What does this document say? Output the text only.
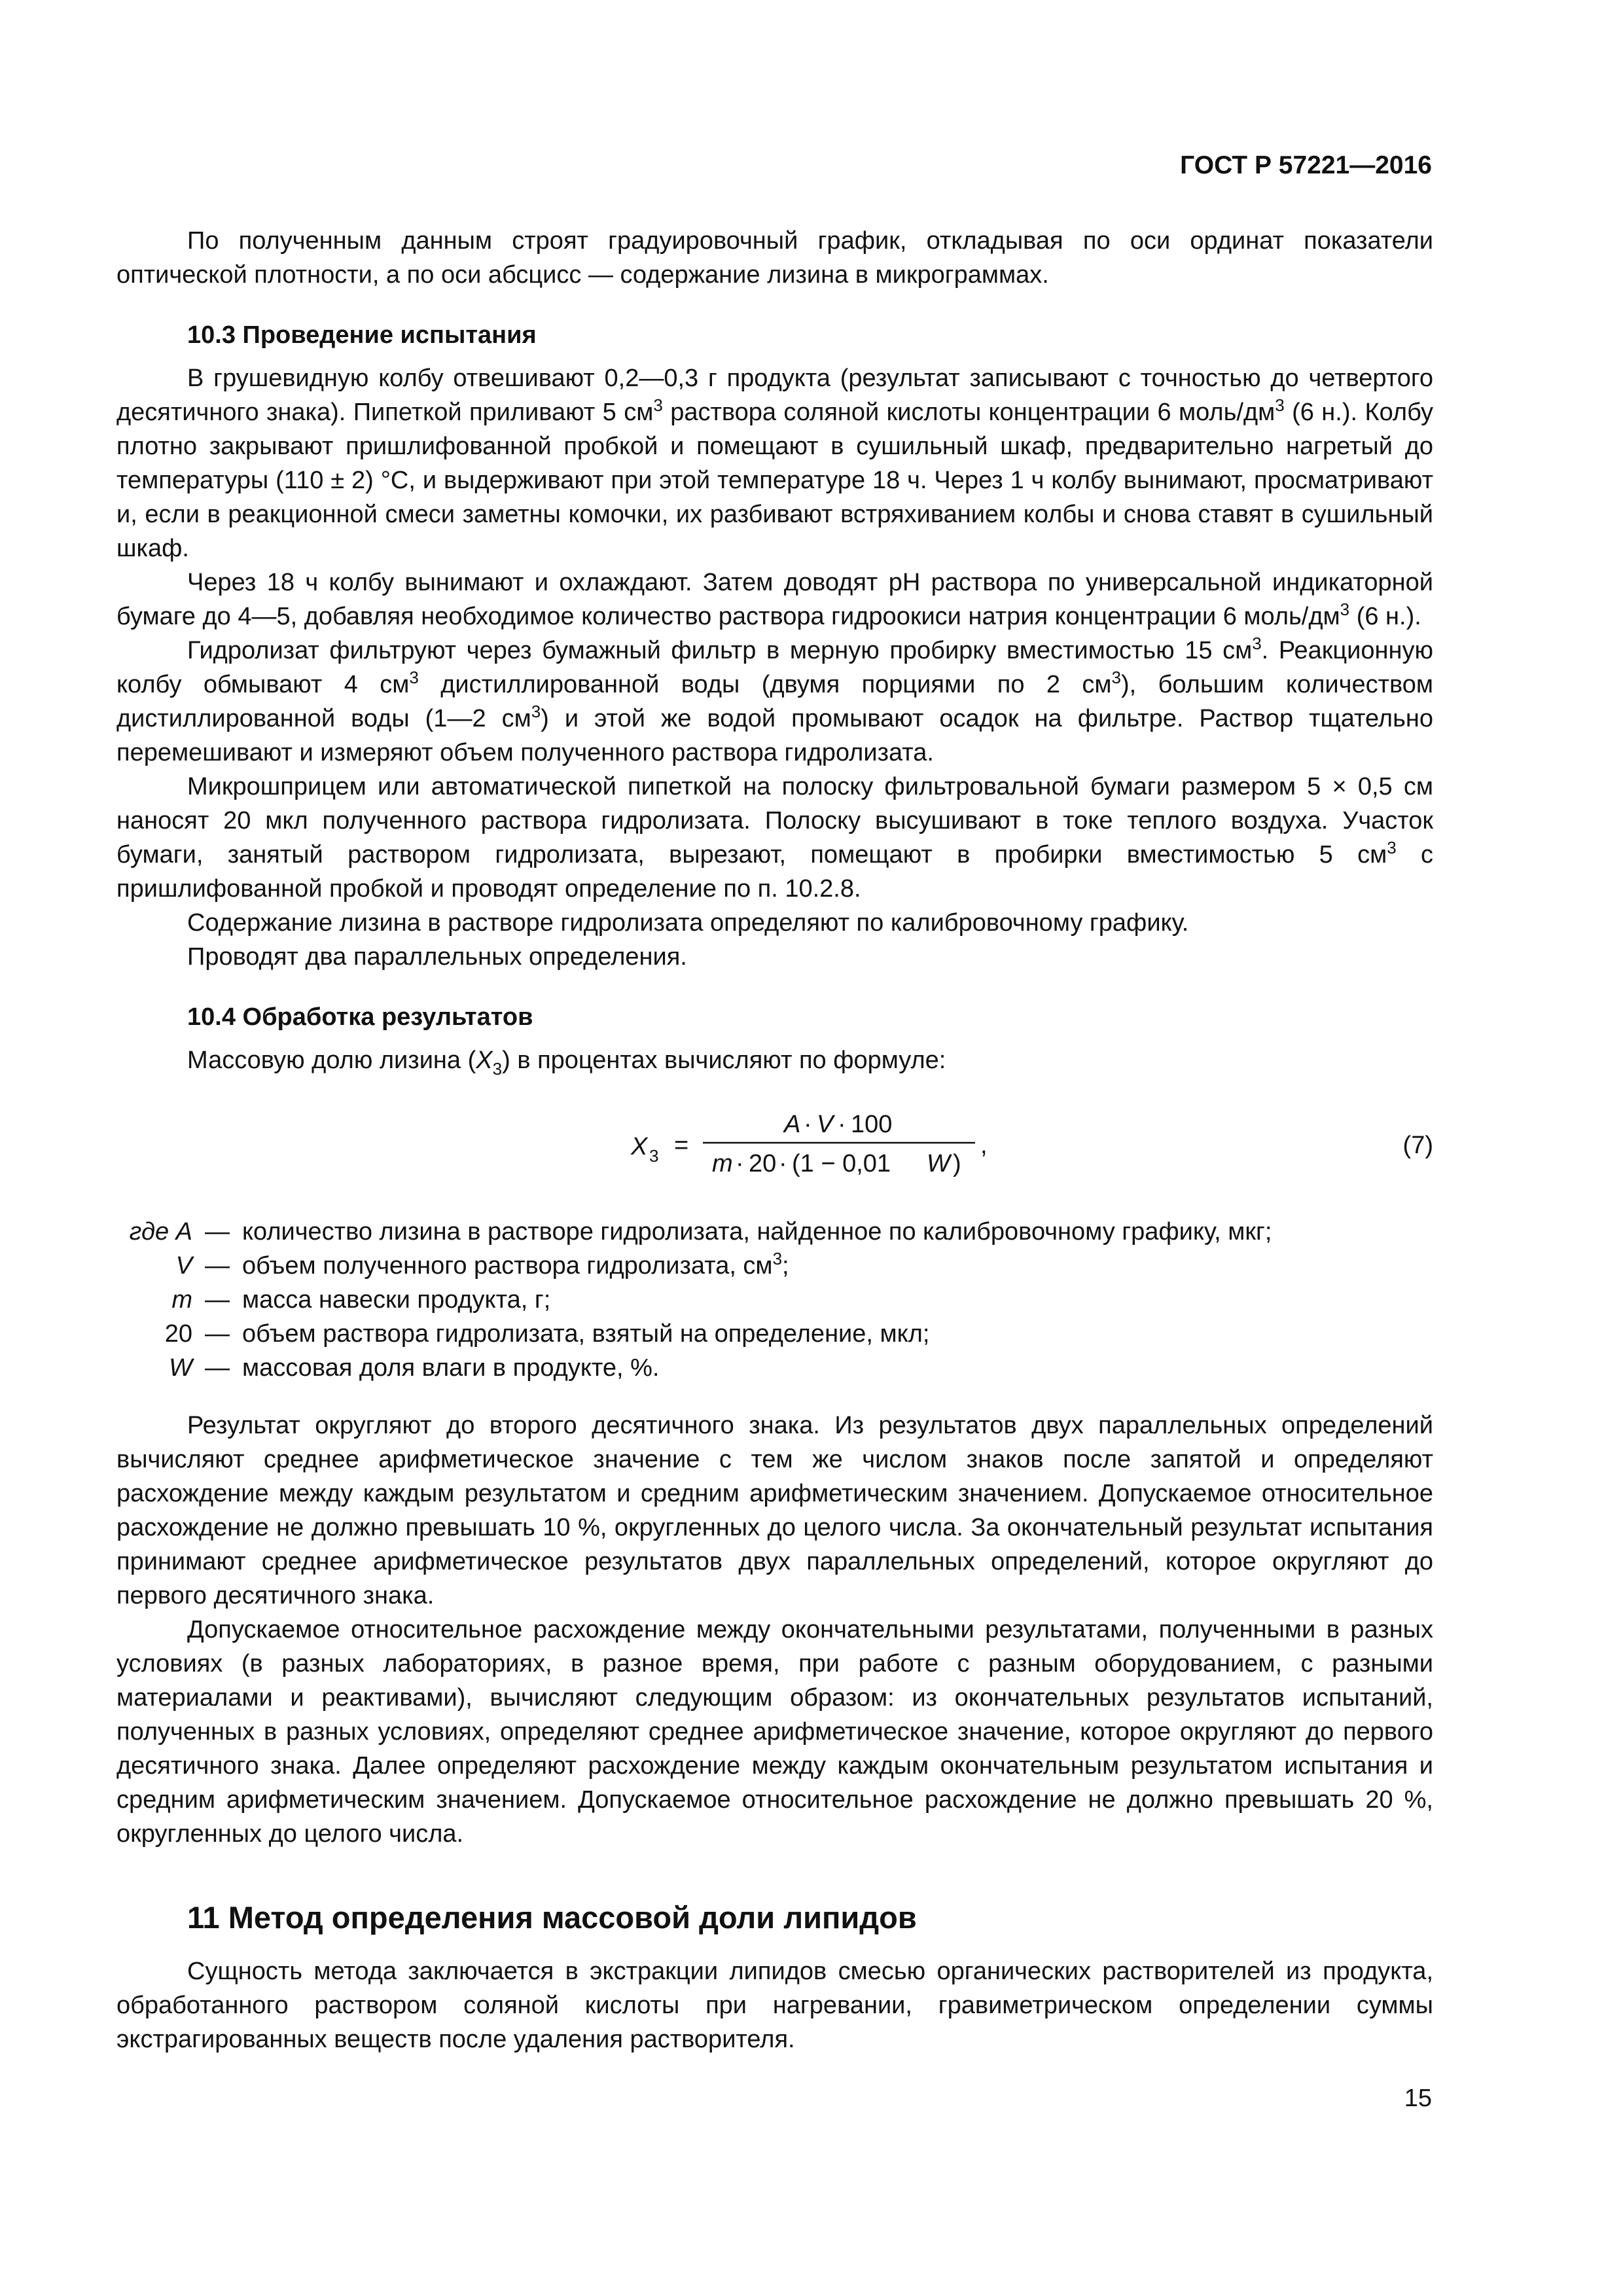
ГОСТ Р 57221—2016

По полученным данным строят градуировочный график, откладывая по оси ординат показатели оптической плотности, а по оси абсцисс — содержание лизина в микрограммах.

10.3 Проведение испытания

В грушевидную колбу отвешивают 0,2—0,3 г продукта (результат записывают с точностью до четвертого десятичного знака). Пипеткой приливают 5 $см^3$ раствора соляной кислоты концентрации 6 моль/$дм^3$ (6 н.). Колбу плотно закрывают пришлифованной пробкой и помещают в сушильный шкаф, предварительно нагретый до температуры (110 ± 2) °С, и выдерживают при этой температуре 18 ч. Через 1 ч колбу вынимают, просматривают и, если в реакционной смеси заметны комочки, их разбивают встряхиванием колбы и снова ставят в сушильный шкаф.

Через 18 ч колбу вынимают и охлаждают. Затем доводят pH раствора по универсальной индикаторной бумаге до 4—5, добавляя необходимое количество раствора гидроокиси натрия концентрации 6 моль/$дм^3$ (6 н.).

Гидролизат фильтруют через бумажный фильтр в мерную пробирку вместимостью 15 $см^3$. Реакционную колбу обмывают 4 $см^3$ дистиллированной воды (двумя порциями по 2 $см^3$), большим количеством дистиллированной воды (1—2 $см^3$) и этой же водой промывают осадок на фильтре. Раствор тщательно перемешивают и измеряют объем полученного раствора гидролизата.

Микрошприцем или автоматической пипеткой на полоску фильтровальной бумаги размером 5 × 0,5 см наносят 20 мкл полученного раствора гидролизата. Полоску высушивают в токе теплого воздуха. Участок бумаги, занятый раствором гидролизата, вырезают, помещают в пробирки вместимостью 5 $см^3$ с пришлифованной пробкой и проводят определение по п. 10.2.8.

Содержание лизина в растворе гидролизата определяют по калибровочному графику.

Проводят два параллельных определения.

10.4 Обработка результатов

Массовую долю лизина $(X_3)$ в процентах вычисляют по формуле:

X 3 =
A · V · 100
m · 20 · (1 − 0,01 W )
,	(7)
где A — количество лизина в растворе гидролизата, найденное по калибровочному графику, мкг;
V — объем полученного раствора гидролизата, $см^3$;
m — масса навески продукта, г;
20 — объем раствора гидролизата, взятый на определение, мкл;
W — массовая доля влаги в продукте, %.

Результат округляют до второго десятичного знака. Из результатов двух параллельных определений вычисляют среднее арифметическое значение с тем же числом знаков после запятой и определяют расхождение между каждым результатом и средним арифметическим значением. Допускаемое относительное расхождение не должно превышать 10 %, округленных до целого числа. За окончательный результат испытания принимают среднее арифметическое результатов двух параллельных определений, которое округляют до первого десятичного знака.

Допускаемое относительное расхождение между окончательными результатами, полученными в разных условиях (в разных лабораториях, в разное время, при работе с разным оборудованием, с разными материалами и реактивами), вычисляют следующим образом: из окончательных результатов испытаний, полученных в разных условиях, определяют среднее арифметическое значение, которое округляют до первого десятичного знака. Далее определяют расхождение между каждым окончательным результатом испытания и средним арифметическим значением. Допускаемое относительное расхождение не должно превышать 20 %, округленных до целого числа.

11 Метод определения массовой доли липидов

Сущность метода заключается в экстракции липидов смесью органических растворителей из продукта, обработанного раствором соляной кислоты при нагревании, гравиметрическом определении суммы экстрагированных веществ после удаления растворителя.

15
